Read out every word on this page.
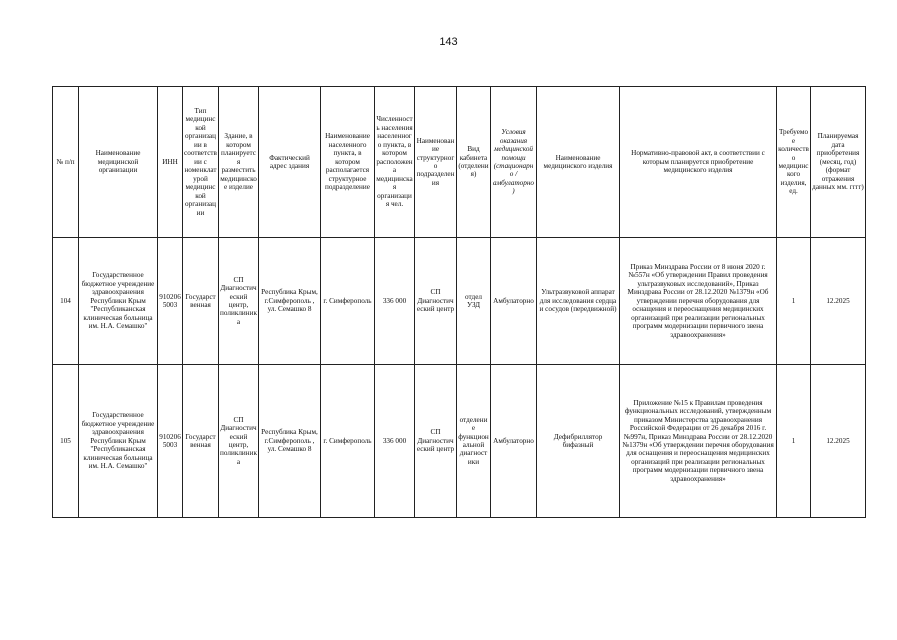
143
№ п/п	Наименование медицинской организации	ИНН	Тип медицинской организации в соответствии с номенклатурой медицинской организации	Здание, в котором планируется разместить медицинское изделие	Фактический адрес здания	Наименование населенного пункта, в котором располагается структурное подразделение	Численность населения населенного пункта, в котором расположена медицинская организация чел.	Наименование структурного подразделения	Вид кабинета (отделения)	Условия оказания медицинской помощи (стационарно / амбулаторно)	Наименование медицинского изделия	Нормативно-правовой акт, в соответствии с которым планируется приобретение медицинского изделия	Требуемое количество медицинского изделия, ед.	Планируемая дата приобретения (месяц, год) (формат отражения данных мм. гггг)
104	Государственное бюджетное учреждение здравоохранения Республики Крым "Республиканская клиническая больница им. Н.А. Семашко"	9102065003	Государственная	СП Диагностический центр, поликлиника	Республика Крым, г.Симферополь , ул. Семашко 8	г. Симферополь	336 000	СП Диагностический центр	отдел УЗД	Амбулаторно	Ультразвуковой аппарат для исследования сердца и сосудов (передвижной)	Приказ Минздрава России от 8 июня 2020 г. №557н «Об утверждении Правил проведения ультразвуковых исследований», Приказ Минздрава России от 28.12.2020 №1379н «Об утверждении перечня оборудования для оснащения и переоснащения медицинских организаций при реализации региональных программ модернизации первичного звена здравоохранения»	1	12.2025
105	Государственное бюджетное учреждение здравоохранения Республики Крым "Республиканская клиническая больница им. Н.А. Семашко"	9102065003	Государственная	СП Диагностический центр, поликлиника	Республика Крым, г.Симферополь , ул. Семашко 8	г. Симферополь	336 000	СП Диагностический центр	отделение функциональной диагностики	Амбулаторно	Дефибриллятор бифазный	Приложение №15 к Правилам проведения функциональных исследований, утвержденным приказом Министерства здравоохранения Российской Федерации от 26 декабря 2016 г. №997н, Приказ Минздрава России от 28.12.2020 №1379н «Об утверждении перечня оборудования для оснащения и переоснащения медицинских организаций при реализации региональных программ модернизации первичного звена здравоохранения»	1	12.2025
